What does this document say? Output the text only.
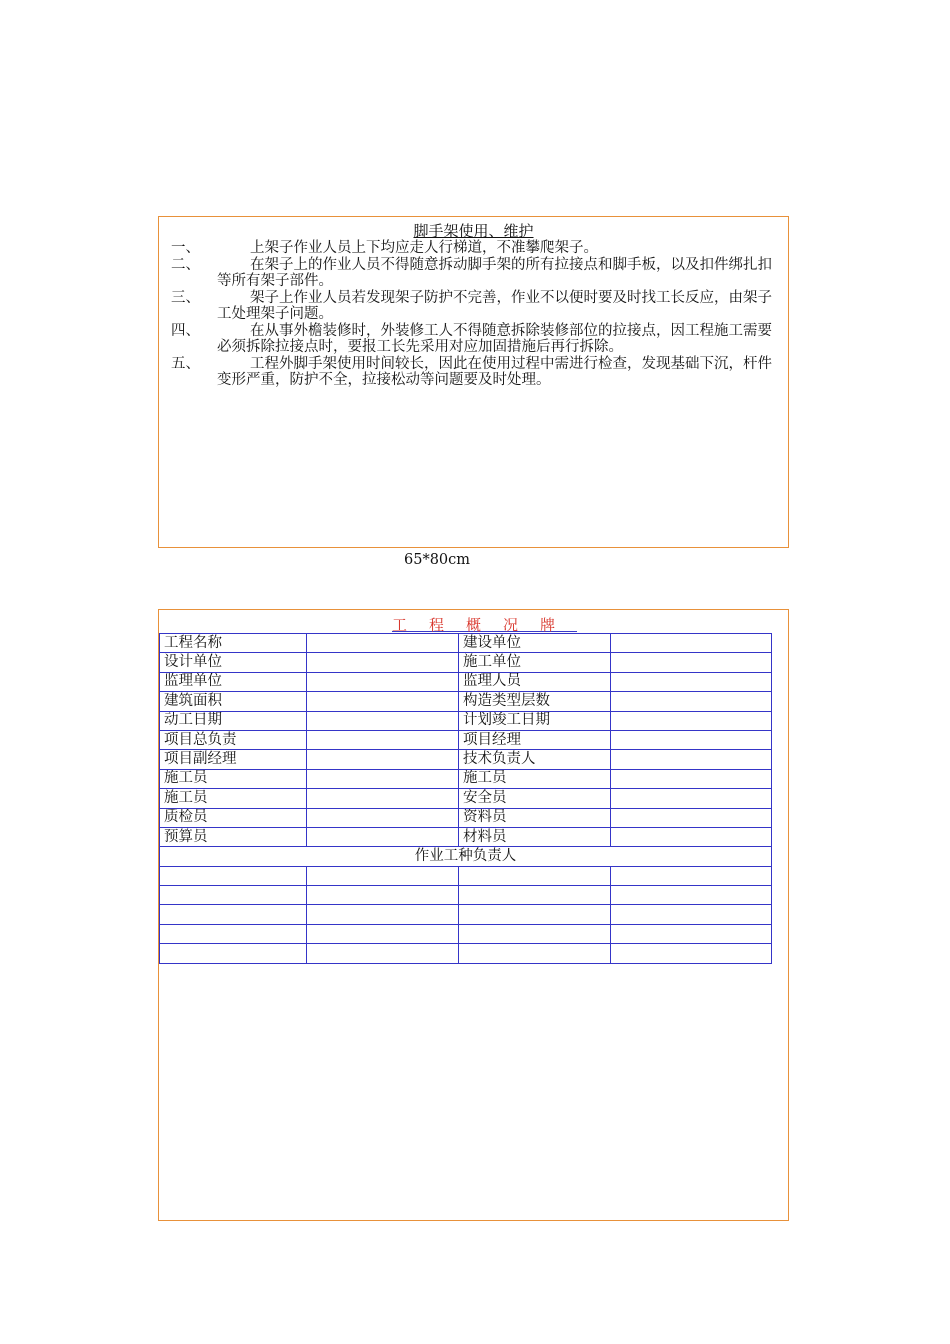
脚手架使用、维护
一、	上架子作业人员上下均应走人行梯道，不准攀爬架子。
二、	在架子上的作业人员不得随意拆动脚手架的所有拉接点和脚手板，以及扣件绑扎扣等所有架子部件。
三、	架子上作业人员若发现架子防护不完善，作业不以便时要及时找工长反应，由架子工处理架子问题。
四、	在从事外檐装修时，外装修工人不得随意拆除装修部位的拉接点，因工程施工需要必须拆除拉接点时，要报工长先采用对应加固措施后再行拆除。
五、	工程外脚手架使用时间较长，因此在使用过程中需进行检查，发现基础下沉，杆件变形严重，防护不全，拉接松动等问题要及时处理。
65*80cm
工程概况牌
工程名称		建设单位	
设计单位		施工单位	
监理单位		监理人员	
建筑面积		构造类型层数	
动工日期		计划竣工日期	
项目总负责		项目经理	
项目副经理		技术负责人	
施工员		施工员	
施工员		安全员	
质检员		资料员	
预算员		材料员	
作业工种负责人			
